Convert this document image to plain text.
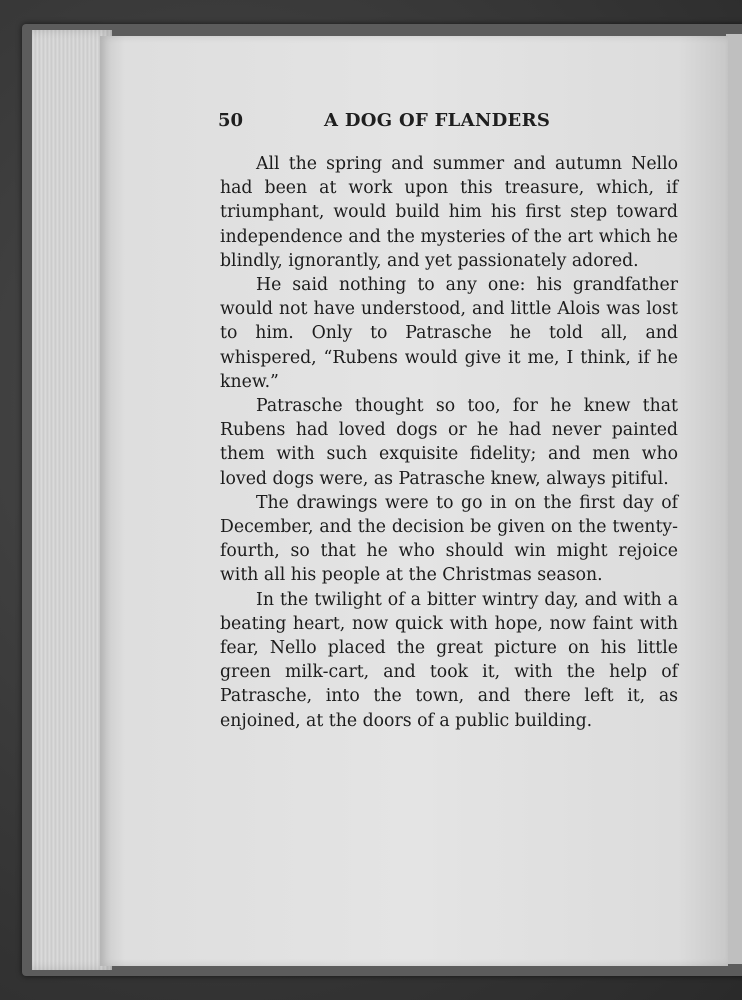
50	A DOG OF FLANDERS

All the spring and summer and autumn Nello had been at work upon this treasure, which, if triumphant, would build him his first step toward independence and the mysteries of the art which he blindly, ignorantly, and yet passionately adored.

He said nothing to any one: his grandfather would not have understood, and little Alois was lost to him. Only to Patrasche he told all, and whispered, “Rubens would give it me, I think, if he knew.”

Patrasche thought so too, for he knew that Rubens had loved dogs or he had never painted them with such exquisite fidelity; and men who loved dogs were, as Patrasche knew, always pitiful.

The drawings were to go in on the first day of December, and the decision be given on the twenty-fourth, so that he who should win might rejoice with all his people at the Christmas season.

In the twilight of a bitter wintry day, and with a beating heart, now quick with hope, now faint with fear, Nello placed the great picture on his little green milk-cart, and took it, with the help of Patrasche, into the town, and there left it, as enjoined, at the doors of a public building.
